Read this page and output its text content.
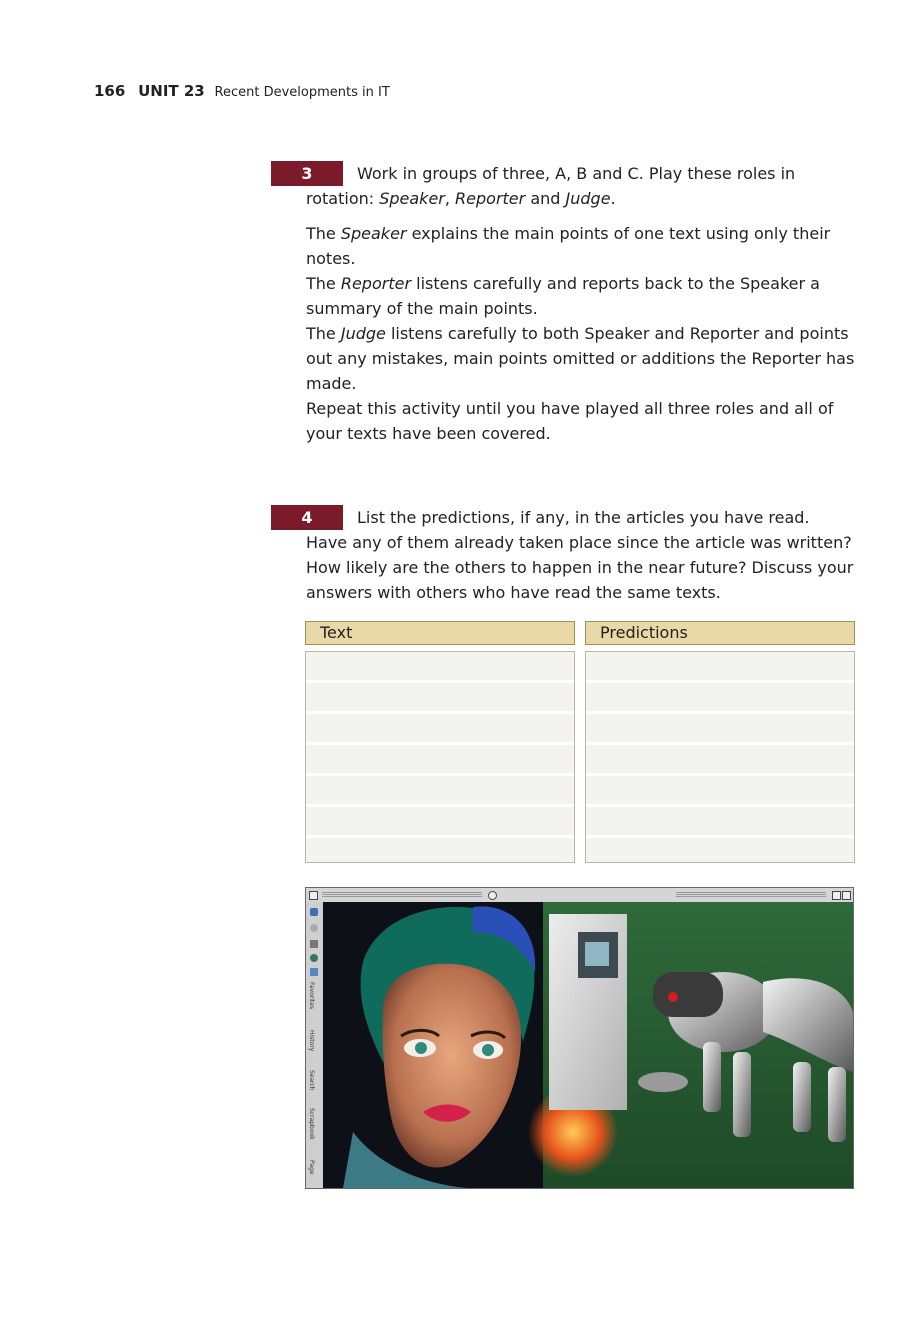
166 UNIT 23 Recent Developments in IT
3	Work in groups of three, A, B and C. Play these roles in rotation: Speaker, Reporter and Judge.

The Speaker explains the main points of one text using only their notes.

The Reporter listens carefully and reports back to the Speaker a summary of the main points.

The Judge listens carefully to both Speaker and Reporter and points out any mistakes, main points omitted or additions the Reporter has made.

Repeat this activity until you have played all three roles and all of your texts have been covered.

4	List the predictions, if any, in the articles you have read. Have any of them already taken place since the article was written? How likely are the others to happen in the near future? Discuss your answers with others who have read the same texts.

Text	Predictions
Favorites
History
Search
Scrapbook
Page
